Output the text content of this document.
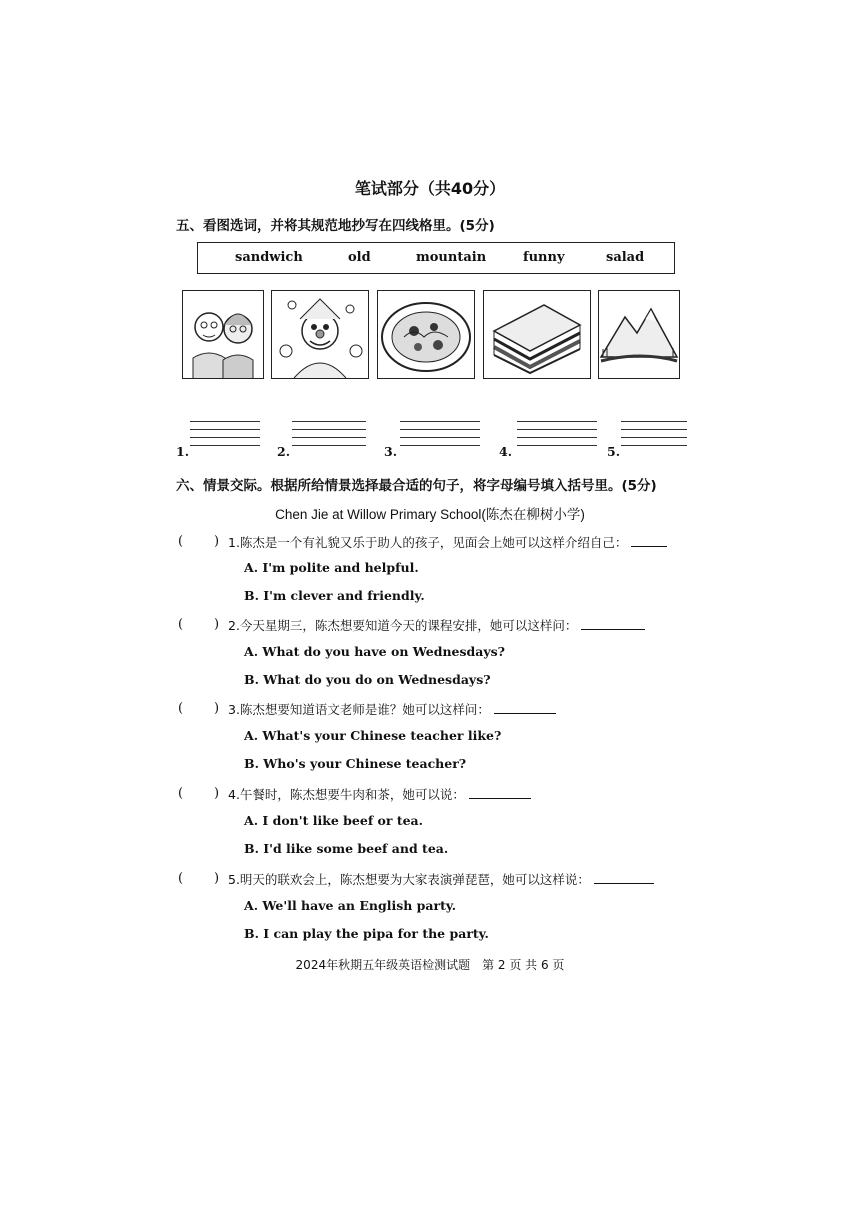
笔试部分（共40分）
五、看图选词，并将其规范地抄写在四线格里。(5分)
sandwich	old	mountain	funny	salad
1.	2.	3.	4.	5.
六、情景交际。根据所给情景选择最合适的句子，将字母编号填入括号里。(5分)
Chen Jie at Willow Primary School(陈杰在柳树小学)
( ) 1.陈杰是一个有礼貌又乐于助人的孩子，见面会上她可以这样介绍自己：
A. I'm polite and helpful.
B. I'm clever and friendly.
( ) 2.今天星期三，陈杰想要知道今天的课程安排，她可以这样问：
A. What do you have on Wednesdays?
B. What do you do on Wednesdays?
( ) 3.陈杰想要知道语文老师是谁？她可以这样问：
A. What's your Chinese teacher like?
B. Who's your Chinese teacher?
( ) 4.午餐时，陈杰想要牛肉和茶，她可以说：
A. I don't like beef or tea.
B. I'd like some beef and tea.
( ) 5.明天的联欢会上，陈杰想要为大家表演弹琵琶，她可以这样说：
A. We'll have an English party.
B. I can play the pipa for the party.
2024年秋期五年级英语检测试题　第 2 页 共 6 页
